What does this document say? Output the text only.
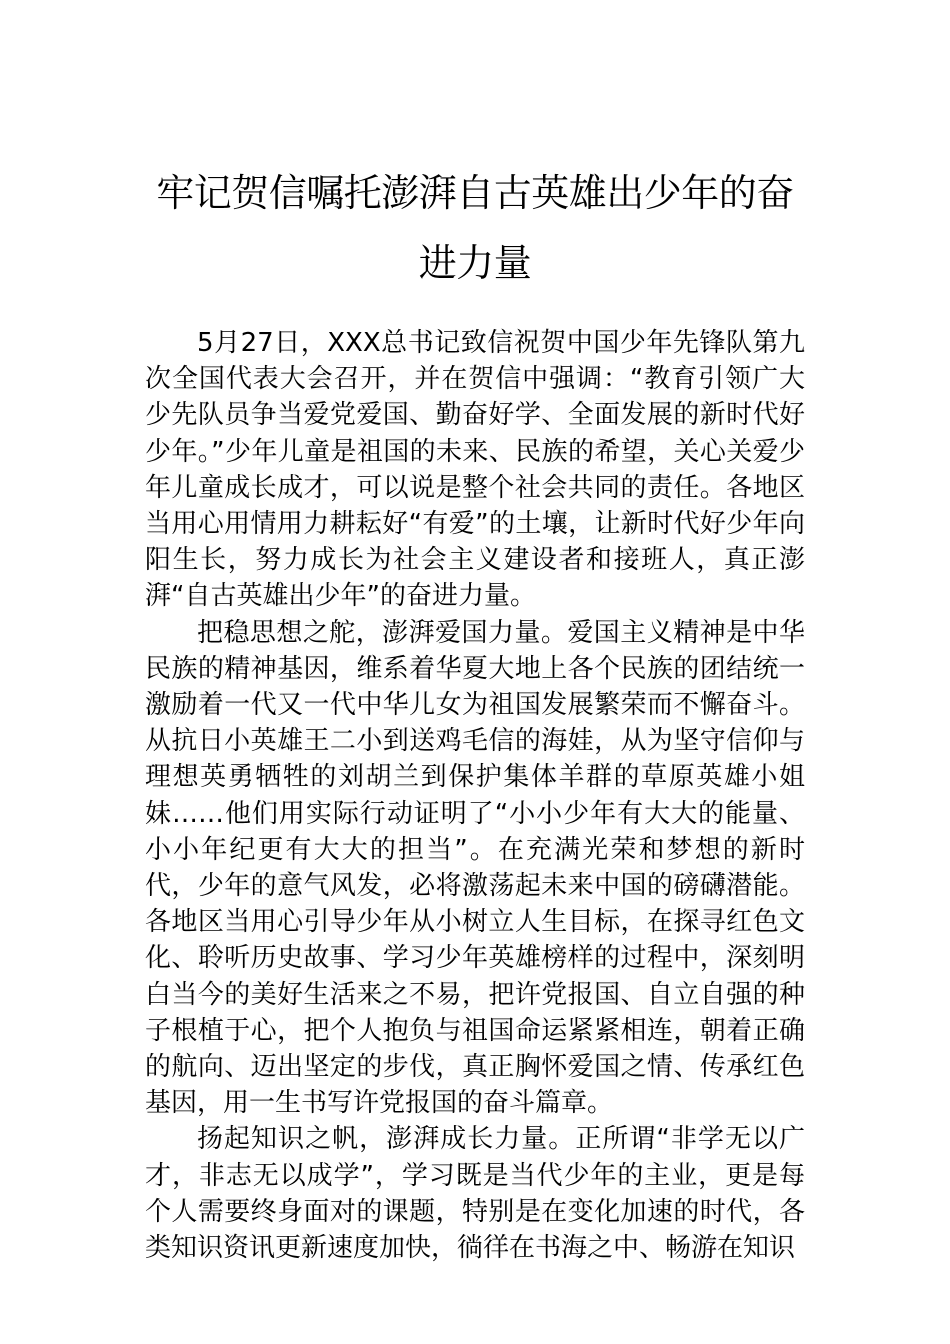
牢记贺信嘱托澎湃自古英雄出少年的奋进力量

5月27日，XXX总书记致信祝贺中国少年先锋队第九次全国代表大会召开，并在贺信中强调：“教育引领广大少先队员争当爱党爱国、勤奋好学、全面发展的新时代好少年。”少年儿童是祖国的未来、民族的希望，关心关爱少年儿童成长成才，可以说是整个社会共同的责任。各地区当用心用情用力耕耘好“有爱”的土壤，让新时代好少年向阳生长，努力成长为社会主义建设者和接班人，真正澎湃“自古英雄出少年”的奋进力量。

把稳思想之舵，澎湃爱国力量。爱国主义精神是中华民族的精神基因，维系着华夏大地上各个民族的团结统一激励着一代又一代中华儿女为祖国发展繁荣而不懈奋斗。从抗日小英雄王二小到送鸡毛信的海娃，从为坚守信仰与理想英勇牺牲的刘胡兰到保护集体羊群的草原英雄小姐妹……他们用实际行动证明了“小小少年有大大的能量、小小年纪更有大大的担当”。在充满光荣和梦想的新时代，少年的意气风发，必将激荡起未来中国的磅礴潜能。各地区当用心引导少年从小树立人生目标，在探寻红色文化、聆听历史故事、学习少年英雄榜样的过程中，深刻明白当今的美好生活来之不易，把许党报国、自立自强的种子根植于心，把个人抱负与祖国命运紧紧相连，朝着正确的航向、迈出坚定的步伐，真正胸怀爱国之情、传承红色基因，用一生书写许党报国的奋斗篇章。

扬起知识之帆，澎湃成长力量。正所谓“非学无以广才，非志无以成学”，学习既是当代少年的主业，更是每个人需要终身面对的课题，特别是在变化加速的时代，各类知识资讯更新速度加快，徜徉在书海之中、畅游在知识
